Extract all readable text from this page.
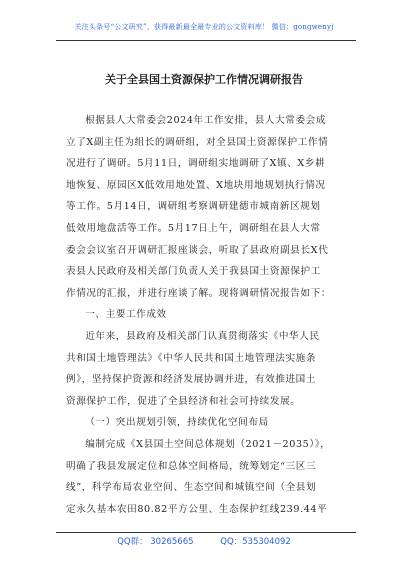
关注头条号“公文研究”，获得最新最全最专业的公文资料库！ 微信：gongwenyj
关于全县国土资源保护工作情况调研报告
根据县人大常委会2024年工作安排，县人大常委会成
立了X副主任为组长的调研组，对全县国土资源保护工作情
况进行了调研。5月11日，调研组实地调研了X镇、X乡耕
地恢复、原园区X低效用地处置、X地块用地规划执行情况
等工作。5月14日，调研组考察调研建德市城南新区规划
低效用地盘活等工作。5月17日上午，调研组在县人大常
委会会议室召开调研汇报座谈会，听取了县政府副县长X代
表县人民政府及相关部门负责人关于我县国土资源保护工
作情况的汇报，并进行座谈了解。现将调研情况报告如下：
一、主要工作成效
近年来，县政府及相关部门认真贯彻落实《中华人民
共和国土地管理法》《中华人民共和国土地管理法实施条
例》，坚持保护资源和经济发展协调并进，有效推进国土
资源保护工作，促进了全县经济和社会可持续发展。
（一）突出规划引领，持续优化空间布局
编制完成《X县国土空间总体规划（2021－2035）》，
明确了我县发展定位和总体空间格局，统筹划定“三区三
线”，科学布局农业空间、生态空间和城镇空间（全县划
定永久基本农田80.82平方公里、生态保护红线239.44平
QQ群： 30265665	QQ：535304092
